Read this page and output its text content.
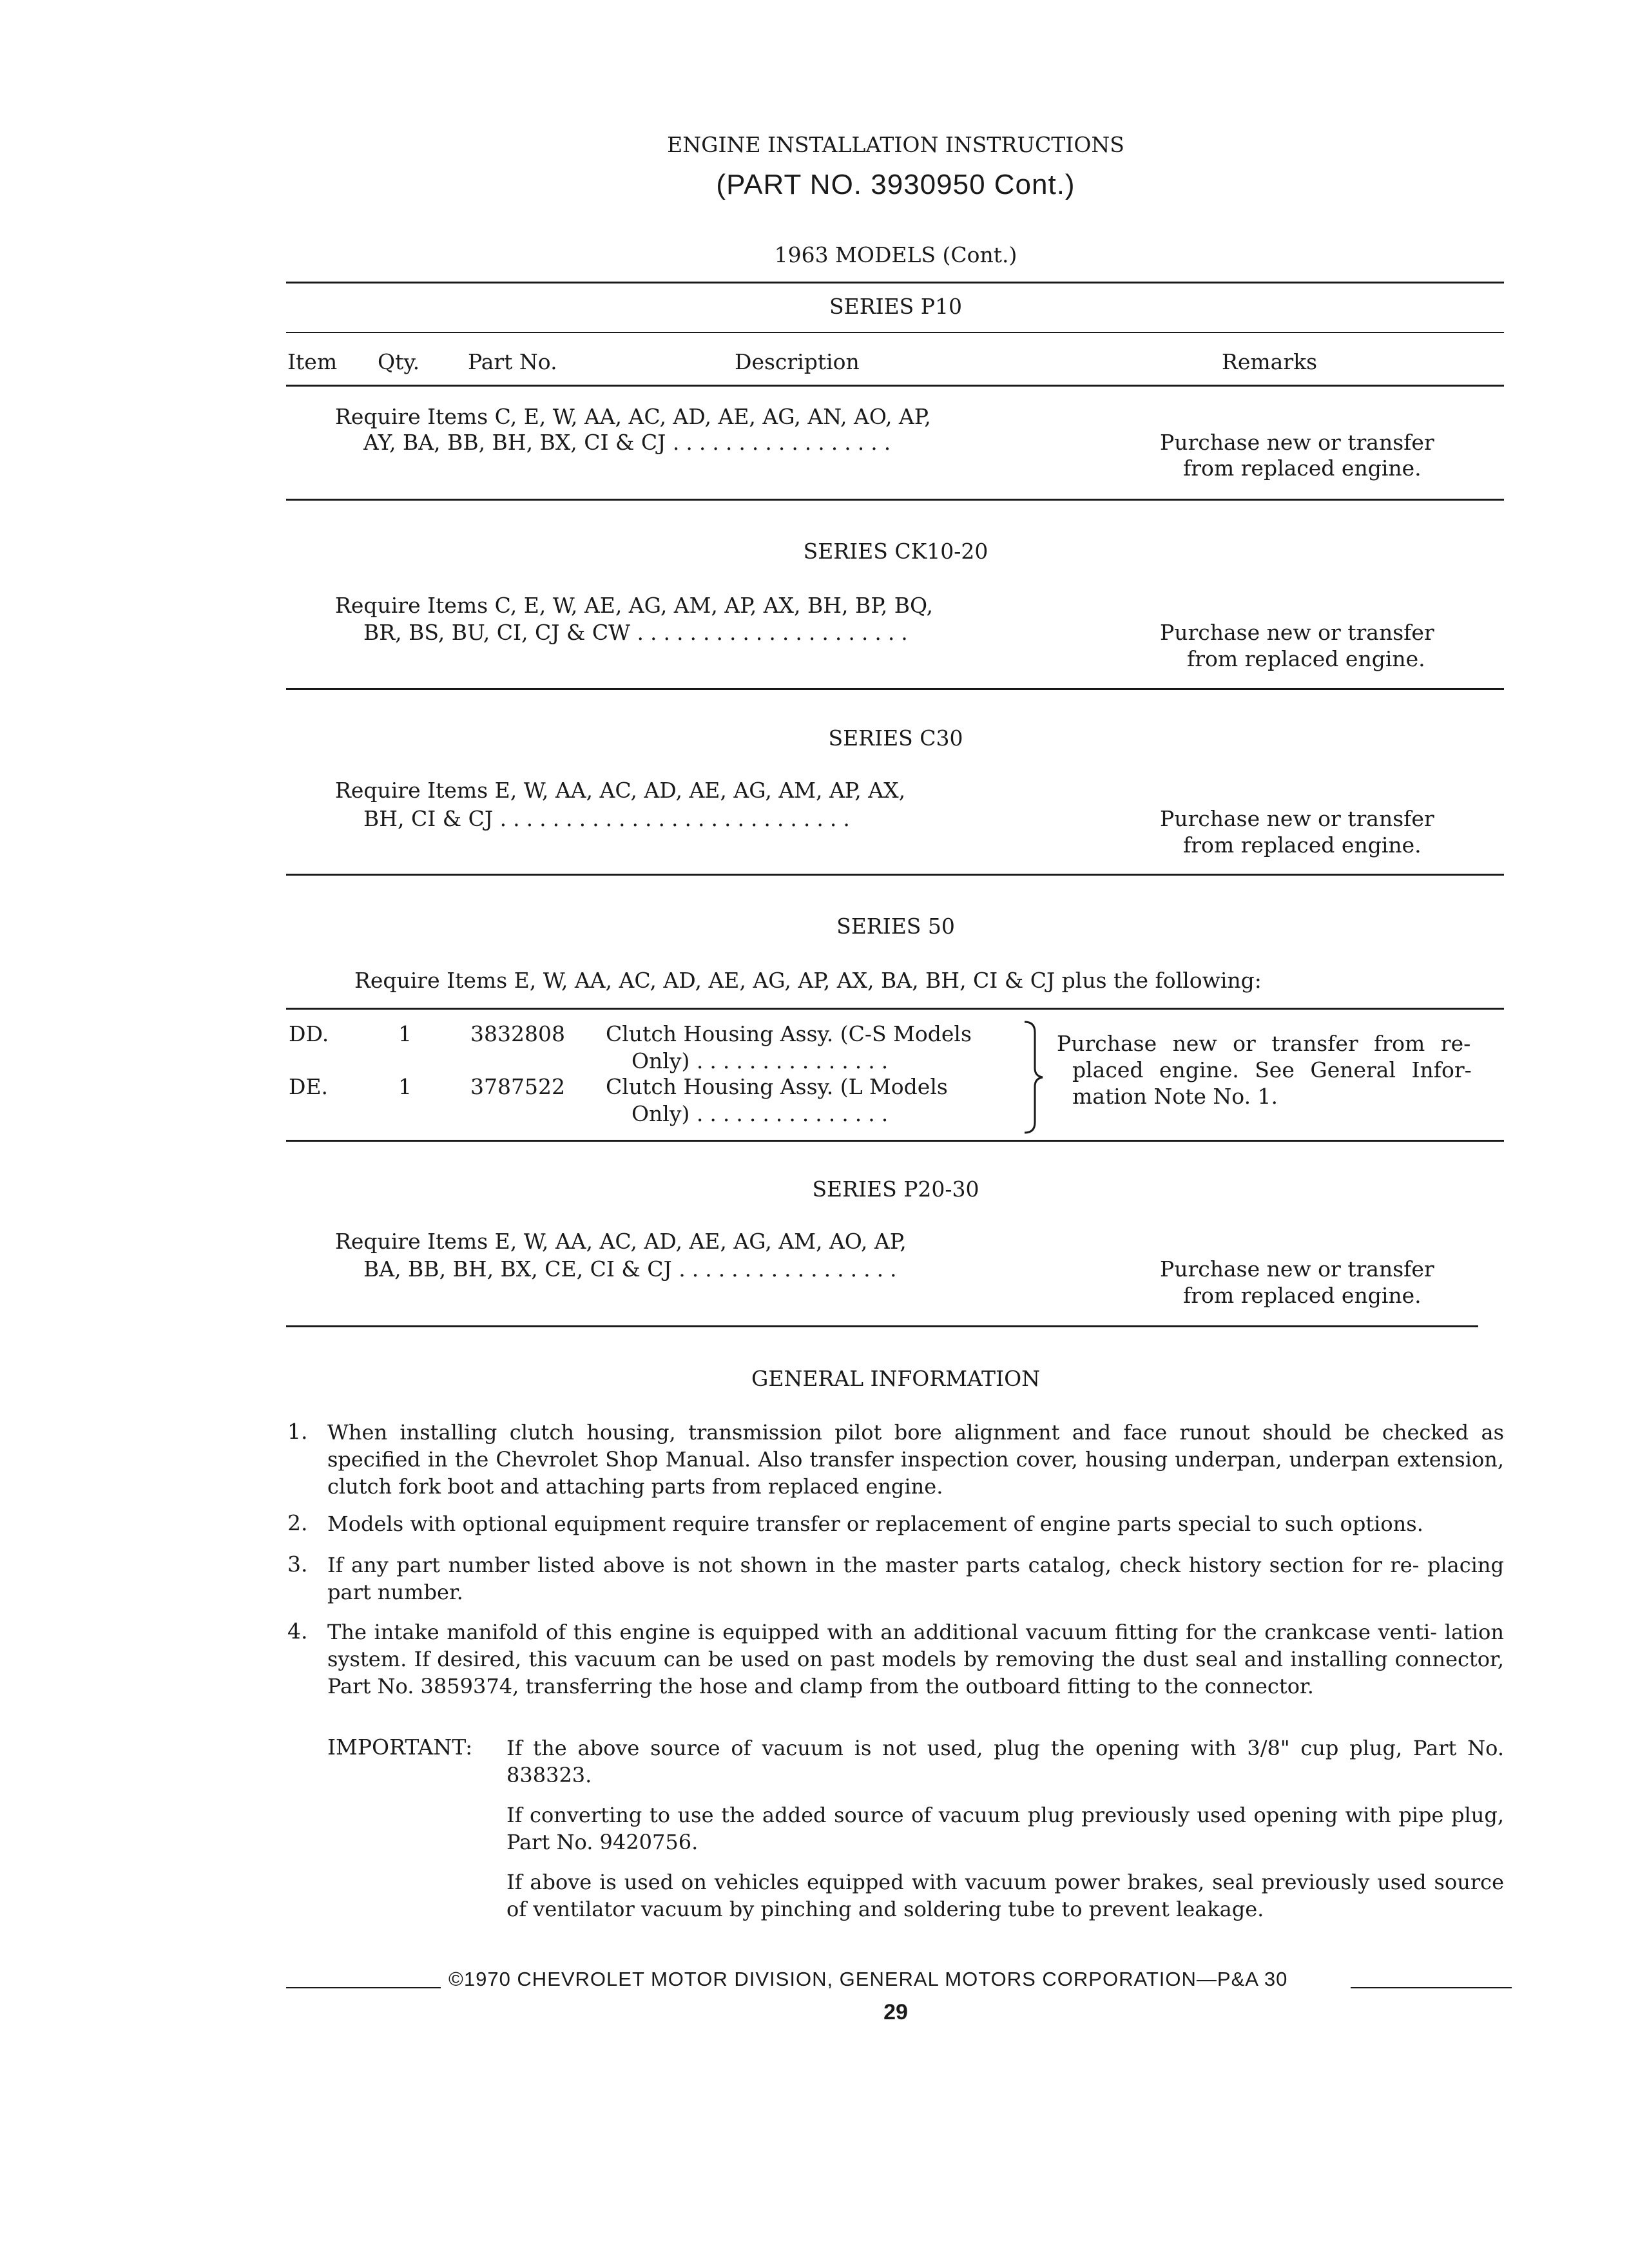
ENGINE INSTALLATION INSTRUCTIONS
(PART NO. 3930950 Cont.)
1963 MODELS (Cont.)
SERIES P10
Item Qty. Part No.	Description	Remarks
Require Items C, E, W, AA, AC, AD, AE, AG, AN, AO, AP,
AY, BA, BB, BH, BX, CI & CJ .................	Purchase new or transfer
from replaced engine.
SERIES CK10-20
Require Items C, E, W, AE, AG, AM, AP, AX, BH, BP, BQ,
BR, BS, BU, CI, CJ & CW .....................	Purchase new or transfer
from replaced engine.
SERIES C30
Require Items E, W, AA, AC, AD, AE, AG, AM, AP, AX,
BH, CI & CJ ...........................	Purchase new or transfer
from replaced engine.
SERIES 50
Require Items E, W, AA, AC, AD, AE, AG, AP, AX, BA, BH, CI & CJ plus the following:
DD.	1	3832808 Clutch Housing Assy. (C-S Models
Only) ...............
DE.	1	3787522 Clutch Housing Assy. (L Models
Only) ...............
Purchase new or transfer from re-
placed engine. See General Infor-
mation Note No. 1.
SERIES P20-30
Require Items E, W, AA, AC, AD, AE, AG, AM, AO, AP,
BA, BB, BH, BX, CE, CI & CJ .................	Purchase new or transfer
from replaced engine.
GENERAL INFORMATION
1. When installing clutch housing, transmission pilot bore alignment and face runout should be checked as specified in the Chevrolet Shop Manual. Also transfer inspection cover, housing underpan, underpan extension, clutch fork boot and attaching parts from replaced engine.
2. Models with optional equipment require transfer or replacement of engine parts special to such options.
3. If any part number listed above is not shown in the master parts catalog, check history section for re- placing part number.
4. The intake manifold of this engine is equipped with an additional vacuum fitting for the crankcase venti- lation system. If desired, this vacuum can be used on past models by removing the dust seal and installing connector, Part No. 3859374, transferring the hose and clamp from the outboard fitting to the connector.
IMPORTANT: If the above source of vacuum is not used, plug the opening with 3/8" cup plug, Part No. 838323.
If converting to use the added source of vacuum plug previously used opening with pipe plug, Part No. 9420756.
If above is used on vehicles equipped with vacuum power brakes, seal previously used source of ventilator vacuum by pinching and soldering tube to prevent leakage.
©1970 CHEVROLET MOTOR DIVISION, GENERAL MOTORS CORPORATION—P&A 30
29
